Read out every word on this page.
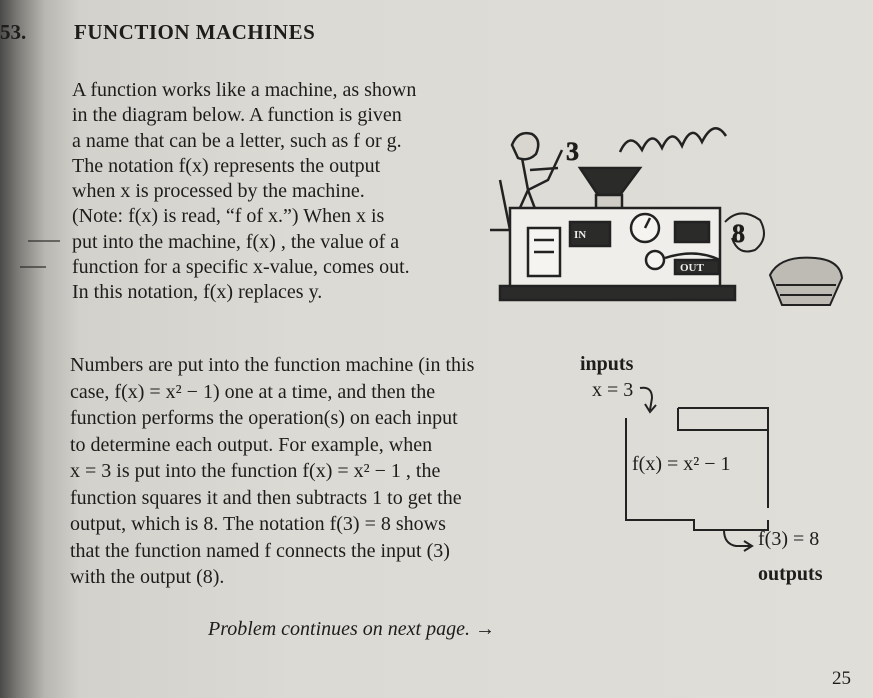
53. FUNCTION MACHINES

A function works like a machine, as shown

in the diagram below. A function is given

a name that can be a letter, such as f or g.

The notation f(x) represents the output

when x is processed by the machine.

(Note: f(x) is read, “f of x.”) When x is

put into the machine, f(x) , the value of a

function for a specific x-value, comes out.

In this notation, f(x) replaces y.

3
IN
OUT
8

Numbers are put into the function machine (in this

case, f(x) = x² − 1) one at a time, and then the

function performs the operation(s) on each input

to determine each output. For example, when

x = 3 is put into the function f(x) = x² − 1 , the

function squares it and then subtracts 1 to get the

output, which is 8. The notation f(3) = 8 shows

that the function named f connects the input (3)

with the output (8).

inputs
x = 3
f(x) = x² − 1
f(3) = 8
outputs
Problem continues on next page. →
25
